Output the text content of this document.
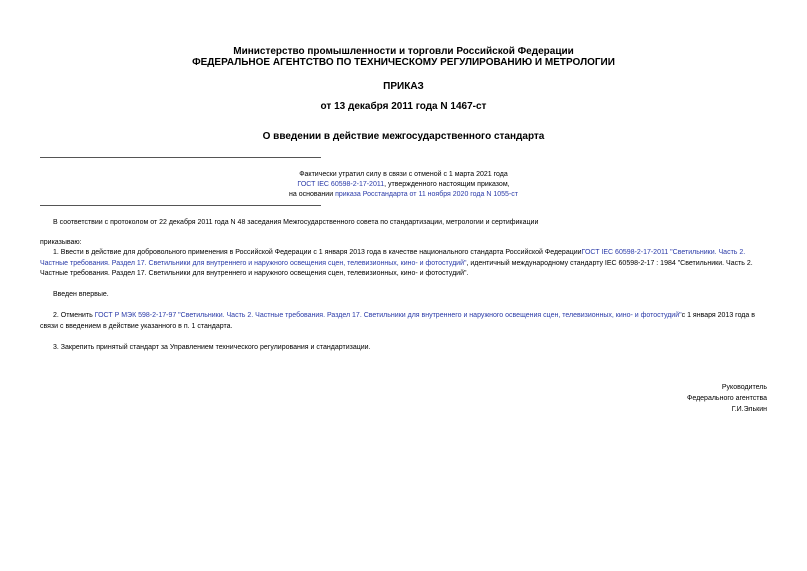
Министерство промышленности и торговли Российской Федерации
ФЕДЕРАЛЬНОЕ АГЕНТСТВО ПО ТЕХНИЧЕСКОМУ РЕГУЛИРОВАНИЮ И МЕТРОЛОГИИ
ПРИКАЗ
от 13 декабря 2011 года N 1467-ст
О введении в действие межгосударственного стандарта
Фактически утратил силу в связи с отменой с 1 марта 2021 года
ГОСТ IEC 60598-2-17-2011, утвержденного настоящим приказом,
на основании приказа Росстандарта от 11 ноября 2020 года N 1055-ст
В соответствии с протоколом от 22 декабря 2011 года N 48 заседания Межгосударственного совета по стандартизации, метрологии и сертификации
приказываю:
1. Ввести в действие для добровольного применения в Российской Федерации с 1 января 2013 года в качестве национального стандарта Российской ФедерацииГОСТ IEC 60598-2-17-2011 "Светильники. Часть 2. Частные требования. Раздел 17. Светильники для внутреннего и наружного освещения сцен, телевизионных, кино- и фотостудий", идентичный международному стандарту IEC 60598-2-17 : 1984 "Светильники. Часть 2. Частные требования. Раздел 17. Светильники для внутреннего и наружного освещения сцен, телевизионных, кино- и фотостудий".
Введен впервые.
2. Отменить ГОСТ Р МЭК 598-2-17-97 "Светильники. Часть 2. Частные требования. Раздел 17. Светильники для внутреннего и наружного освещения сцен, телевизионных, кино- и фотостудий"с 1 января 2013 года в связи с введением в действие указанного в п. 1 стандарта.
3. Закрепить принятый стандарт за Управлением технического регулирования и стандартизации.
Руководитель
Федерального агентства
Г.И.Элькин
